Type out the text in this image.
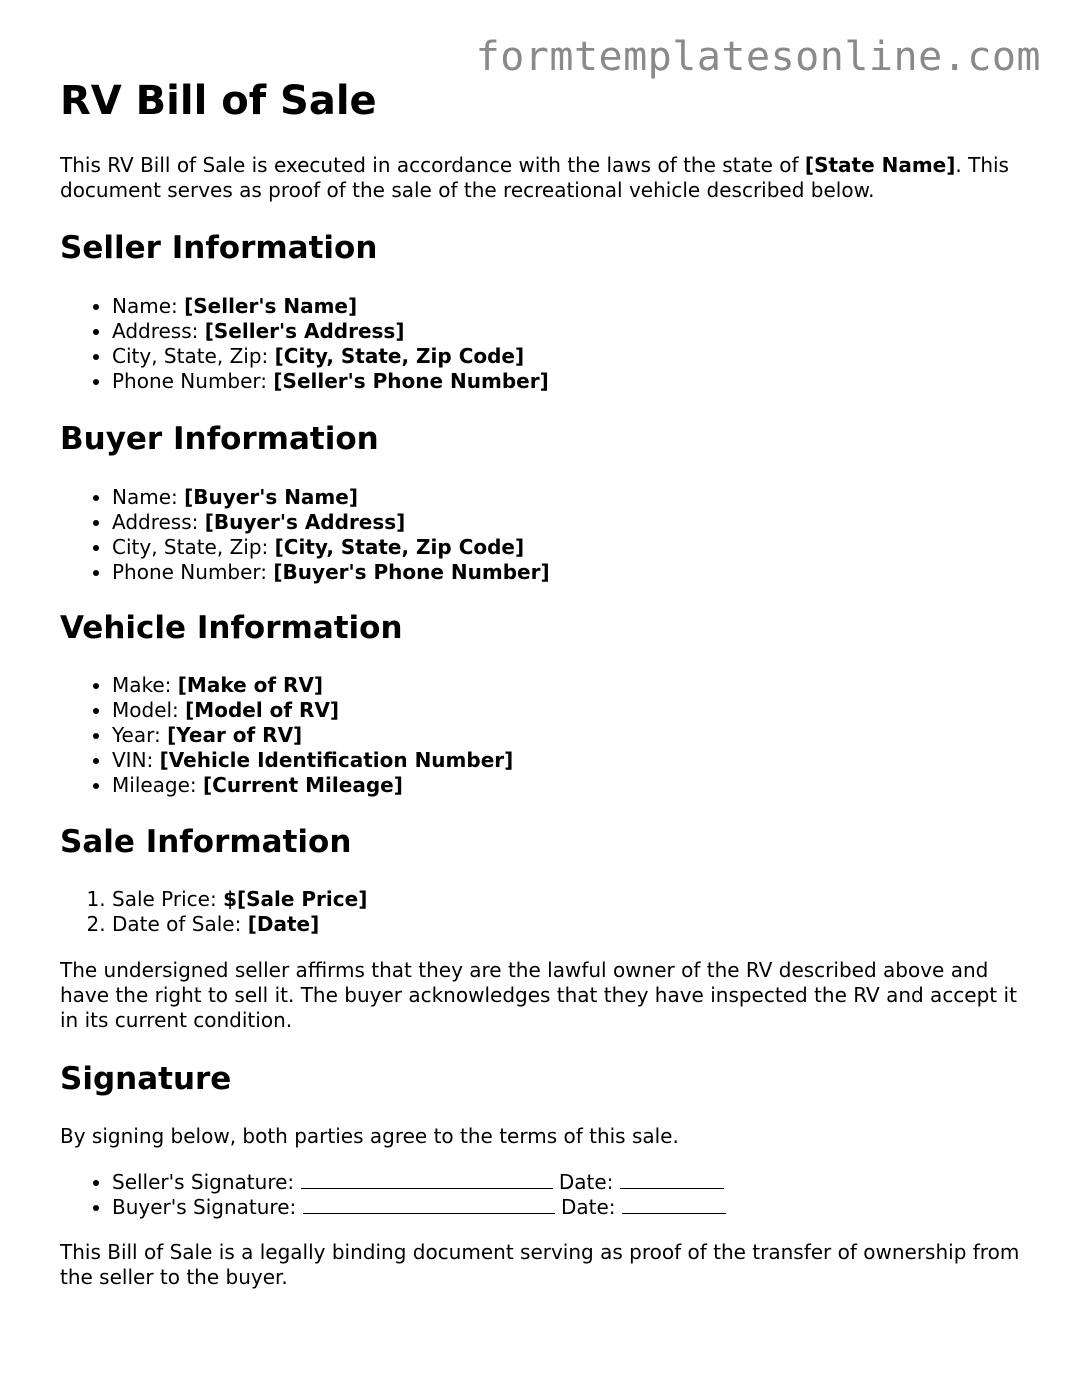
formtemplatesonline.com
RV Bill of Sale

This RV Bill of Sale is executed in accordance with the laws of the state of [State Name]. This document serves as proof of the sale of the recreational vehicle described below.

Seller Information
• Name: [Seller's Name]
• Address: [Seller's Address]
• City, State, Zip: [City, State, Zip Code]
• Phone Number: [Seller's Phone Number]
Buyer Information
• Name: [Buyer's Name]
• Address: [Buyer's Address]
• City, State, Zip: [City, State, Zip Code]
• Phone Number: [Buyer's Phone Number]
Vehicle Information
• Make: [Make of RV]
• Model: [Model of RV]
• Year: [Year of RV]
• VIN: [Vehicle Identification Number]
• Mileage: [Current Mileage]
Sale Information
1. Sale Price: $[Sale Price]
2. Date of Sale: [Date]

The undersigned seller affirms that they are the lawful owner of the RV described above and have the right to sell it. The buyer acknowledges that they have inspected the RV and accept it in its current condition.

Signature

By signing below, both parties agree to the terms of this sale.

• Seller's Signature:	Date:
• Buyer's Signature:	Date:

This Bill of Sale is a legally binding document serving as proof of the transfer of ownership from the seller to the buyer.
